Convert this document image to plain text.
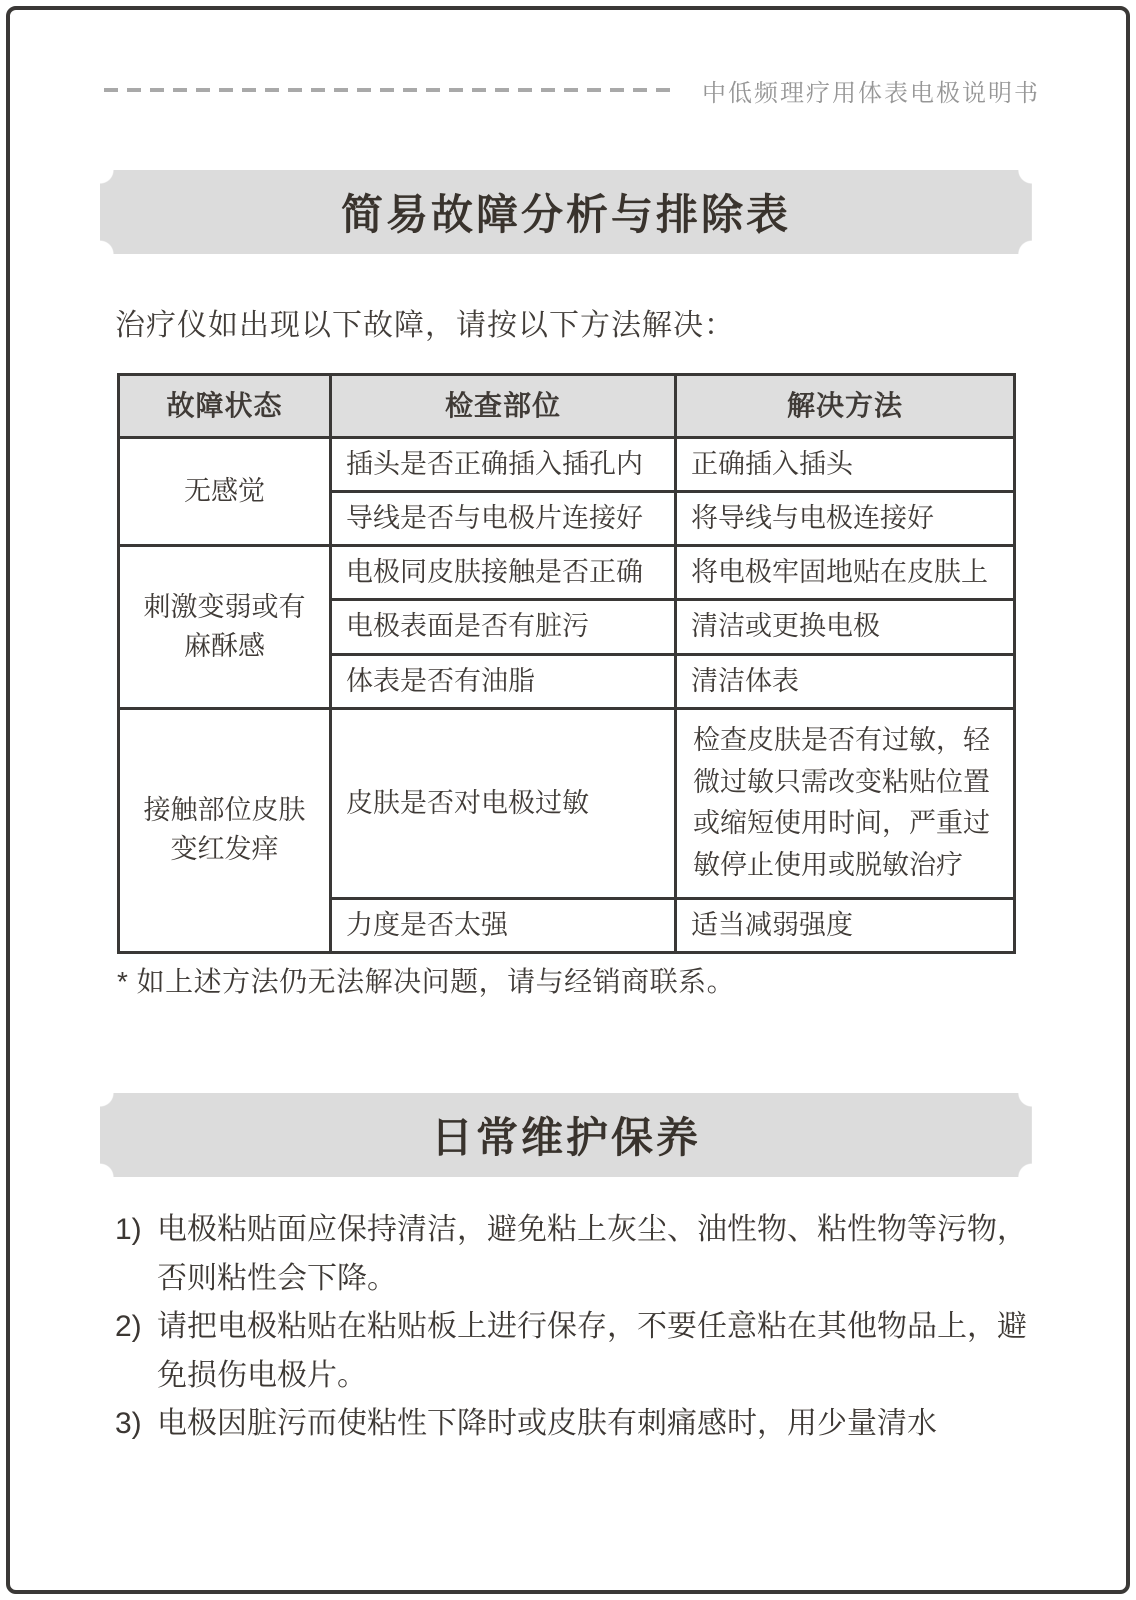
中低频理疗用体表电极说明书
简易故障分析与排除表
治疗仪如出现以下故障，请按以下方法解决：
故障状态	检查部位	解决方法
无感觉	插头是否正确插入插孔内	正确插入插头
	导线是否与电极片连接好	将导线与电极连接好
刺激变弱或有麻酥感	电极同皮肤接触是否正确	将电极牢固地贴在皮肤上
	电极表面是否有脏污	清洁或更换电极
	体表是否有油脂	清洁体表
接触部位皮肤变红发痒	皮肤是否对电极过敏	检查皮肤是否有过敏，轻微过敏只需改变粘贴位置或缩短使用时间，严重过敏停止使用或脱敏治疗
	力度是否太强	适当减弱强度
* 如上述方法仍无法解决问题，请与经销商联系。
日常维护保养
1) 电极粘贴面应保持清洁，避免粘上灰尘、油性物、粘性物等污物，否则粘性会下降。
2) 请把电极粘贴在粘贴板上进行保存，不要任意粘在其他物品上，避免损伤电极片。
3) 电极因脏污而使粘性下降时或皮肤有刺痛感时，用少量清水
